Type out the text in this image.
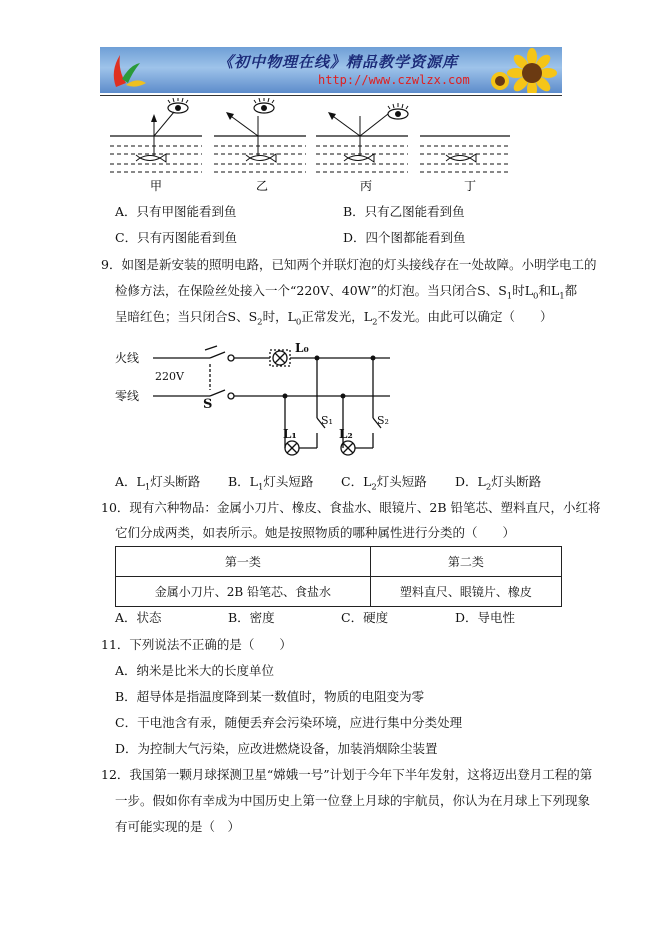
《初中物理在线》精品教学资源库
http://www.czwlzx.com
甲	乙	丙	丁
A．只有甲图能看到鱼	B．只有乙图能看到鱼
C．只有丙图能看到鱼	D．四个图都能看到鱼
9．如图是新安装的照明电路，已知两个并联灯泡的灯头接线存在一处故障。小明学电工的
检修方法，在保险丝处接入一个“220V、40W”的灯泡。当只闭合S、$S_1$时$L_0$和$L_1$都
呈暗红色；当只闭合S、$S_2$时，$L_0$正常发光，$L_2$不发光。由此可以确定（　　）
火线
零线
220V
S
L₀
S₁
L₁	L₂
S₂
A．$L_1$灯头断路 B．$L_1$灯头短路 C．$L_2$灯头短路 D．$L_2$灯头断路
10．现有六种物品：金属小刀片、橡皮、食盐水、眼镜片、2B 铅笔芯、塑料直尺，小红将
它们分成两类，如表所示。她是按照物质的哪种属性进行分类的（　　）
第一类	第二类
金属小刀片、2B 铅笔芯、食盐水	塑料直尺、眼镜片、橡皮
A．状态	B．密度	C．硬度	D．导电性
11．下列说法不正确的是（　　）
A．纳米是比米大的长度单位
B．超导体是指温度降到某一数值时，物质的电阻变为零
C．干电池含有汞，随便丢弃会污染环境，应进行集中分类处理
D．为控制大气污染，应改进燃烧设备，加装消烟除尘装置
12．我国第一颗月球探测卫星“嫦娥一号”计划于今年下半年发射，这将迈出登月工程的第
一步。假如你有幸成为中国历史上第一位登上月球的宇航员，你认为在月球上下列现象
有可能实现的是（　）
